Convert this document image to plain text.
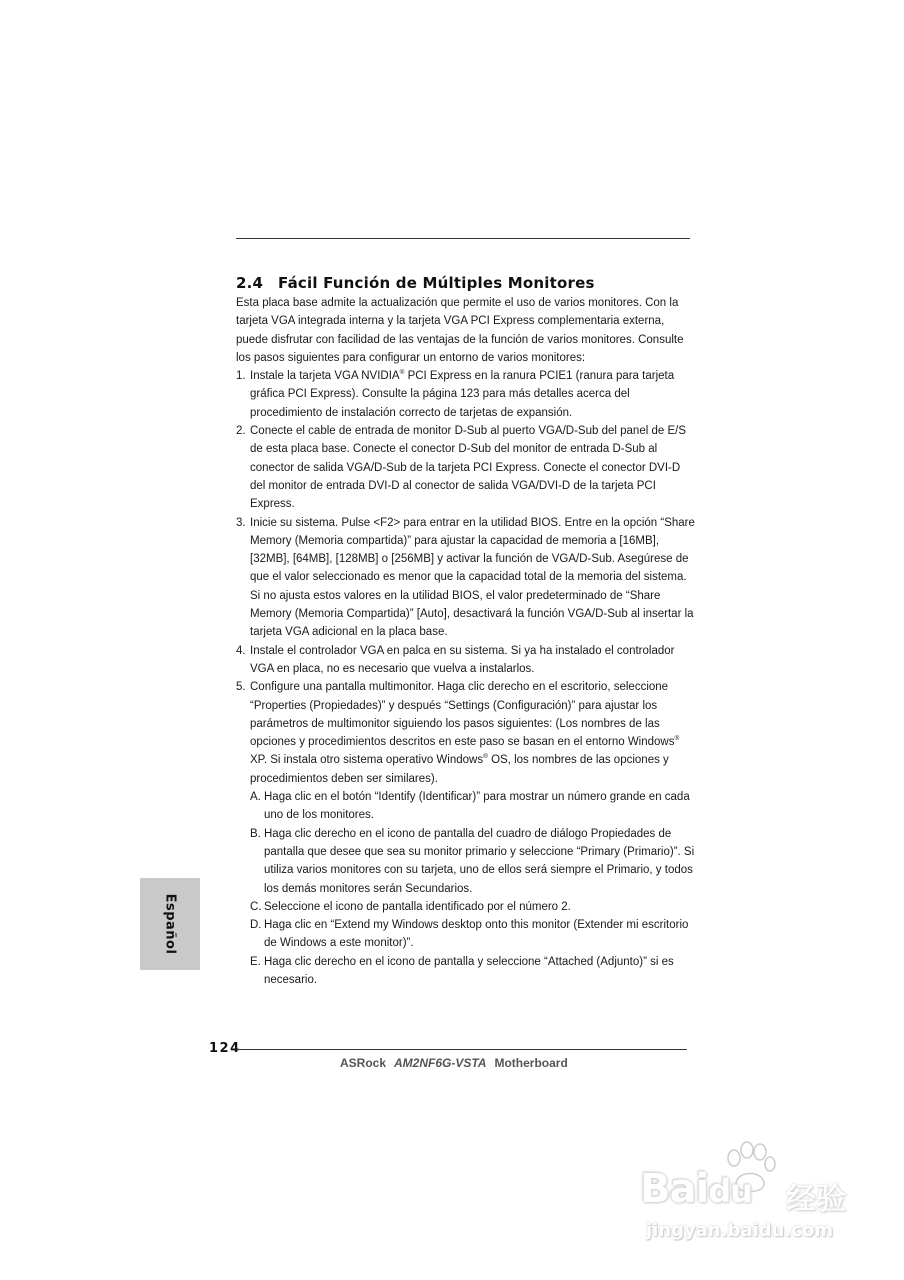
2.4 Fácil Función de Múltiples Monitores

Esta placa base admite la actualización que permite el uso de varios monitores. Con la tarjeta VGA integrada interna y la tarjeta VGA PCI Express complementaria externa, puede disfrutar con facilidad de las ventajas de la función de varios monitores. Consulte los pasos siguientes para configurar un entorno de varios monitores:

1. Instale la tarjeta VGA NVIDIA® PCI Express en la ranura PCIE1 (ranura para tarjeta gráfica PCI Express). Consulte la página 123 para más detalles acerca del procedimiento de instalación correcto de tarjetas de expansión.
2. Conecte el cable de entrada de monitor D-Sub al puerto VGA/D-Sub del panel de E/S de esta placa base. Conecte el conector D-Sub del monitor de entrada D-Sub al conector de salida VGA/D-Sub de la tarjeta PCI Express. Conecte el conector DVI-D del monitor de entrada DVI-D al conector de salida VGA/DVI-D de la tarjeta PCI Express.
3. Inicie su sistema. Pulse <F2> para entrar en la utilidad BIOS. Entre en la opción “Share Memory (Memoria compartida)” para ajustar la capacidad de memoria a [16MB], [32MB], [64MB], [128MB] o [256MB] y activar la función de VGA/D-Sub. Asegúrese de que el valor seleccionado es menor que la capacidad total de la memoria del sistema. Si no ajusta estos valores en la utilidad BIOS, el valor predeterminado de “Share Memory (Memoria Compartida)” [Auto], desactivará la función VGA/D-Sub al insertar la tarjeta VGA adicional en la placa base.
4. Instale el controlador VGA en palca en su sistema. Si ya ha instalado el controlador VGA en placa, no es necesario que vuelva a instalarlos.
5. Configure una pantalla multimonitor. Haga clic derecho en el escritorio, seleccione “Properties (Propiedades)” y después “Settings (Configuración)” para ajustar los parámetros de multimonitor siguiendo los pasos siguientes: (Los nombres de las opciones y procedimientos descritos en este paso se basan en el entorno Windows® XP. Si instala otro sistema operativo Windows® OS, los nombres de las opciones y procedimientos deben ser similares).
A. Haga clic en el botón “Identify (Identificar)” para mostrar un número grande en cada uno de los monitores.
B. Haga clic derecho en el icono de pantalla del cuadro de diálogo Propiedades de pantalla que desee que sea su monitor primario y seleccione “Primary (Primario)”. Si utiliza varios monitores con su tarjeta, uno de ellos será siempre el Primario, y todos los demás monitores serán Secundarios.
C. Seleccione el icono de pantalla identificado por el número 2.
D. Haga clic en “Extend my Windows desktop onto this monitor (Extender mi escritorio de Windows a este monitor)”.
E. Haga clic derecho en el icono de pantalla y seleccione “Attached (Adjunto)” si es necesario.
Español
124
ASRock AM2NF6G-VSTA Motherboard
Baidu 经验
jingyan.baidu.com
